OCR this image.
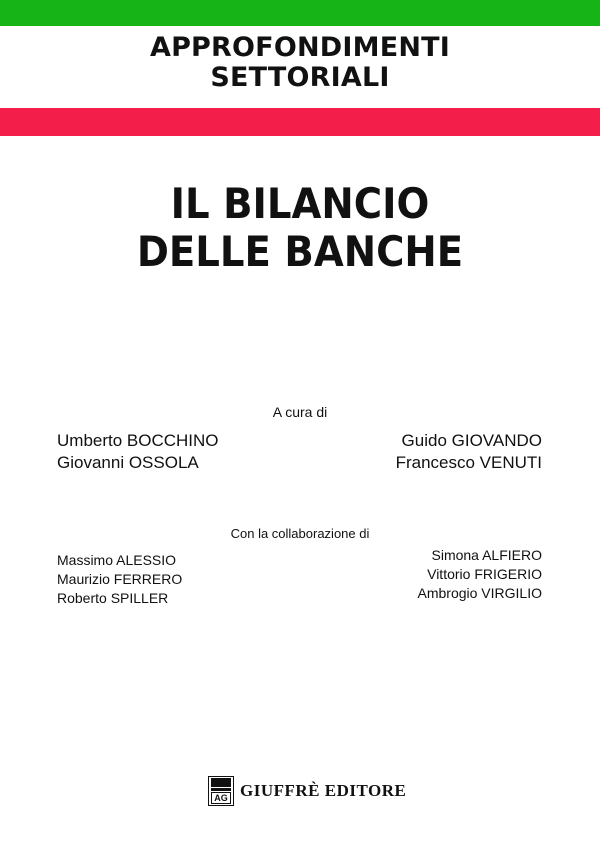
APPROFONDIMENTI
SETTORIALI
IL BILANCIO
DELLE BANCHE
A cura di
Umberto BOCCHINO
Giovanni OSSOLA
Guido GIOVANDO
Francesco VENUTI
Con la collaborazione di
Massimo ALESSIO
Maurizio FERRERO
Roberto SPILLER
Simona ALFIERO
Vittorio FRIGERIO
Ambrogio VIRGILIO
AG GIUFFRÈ EDITORE
